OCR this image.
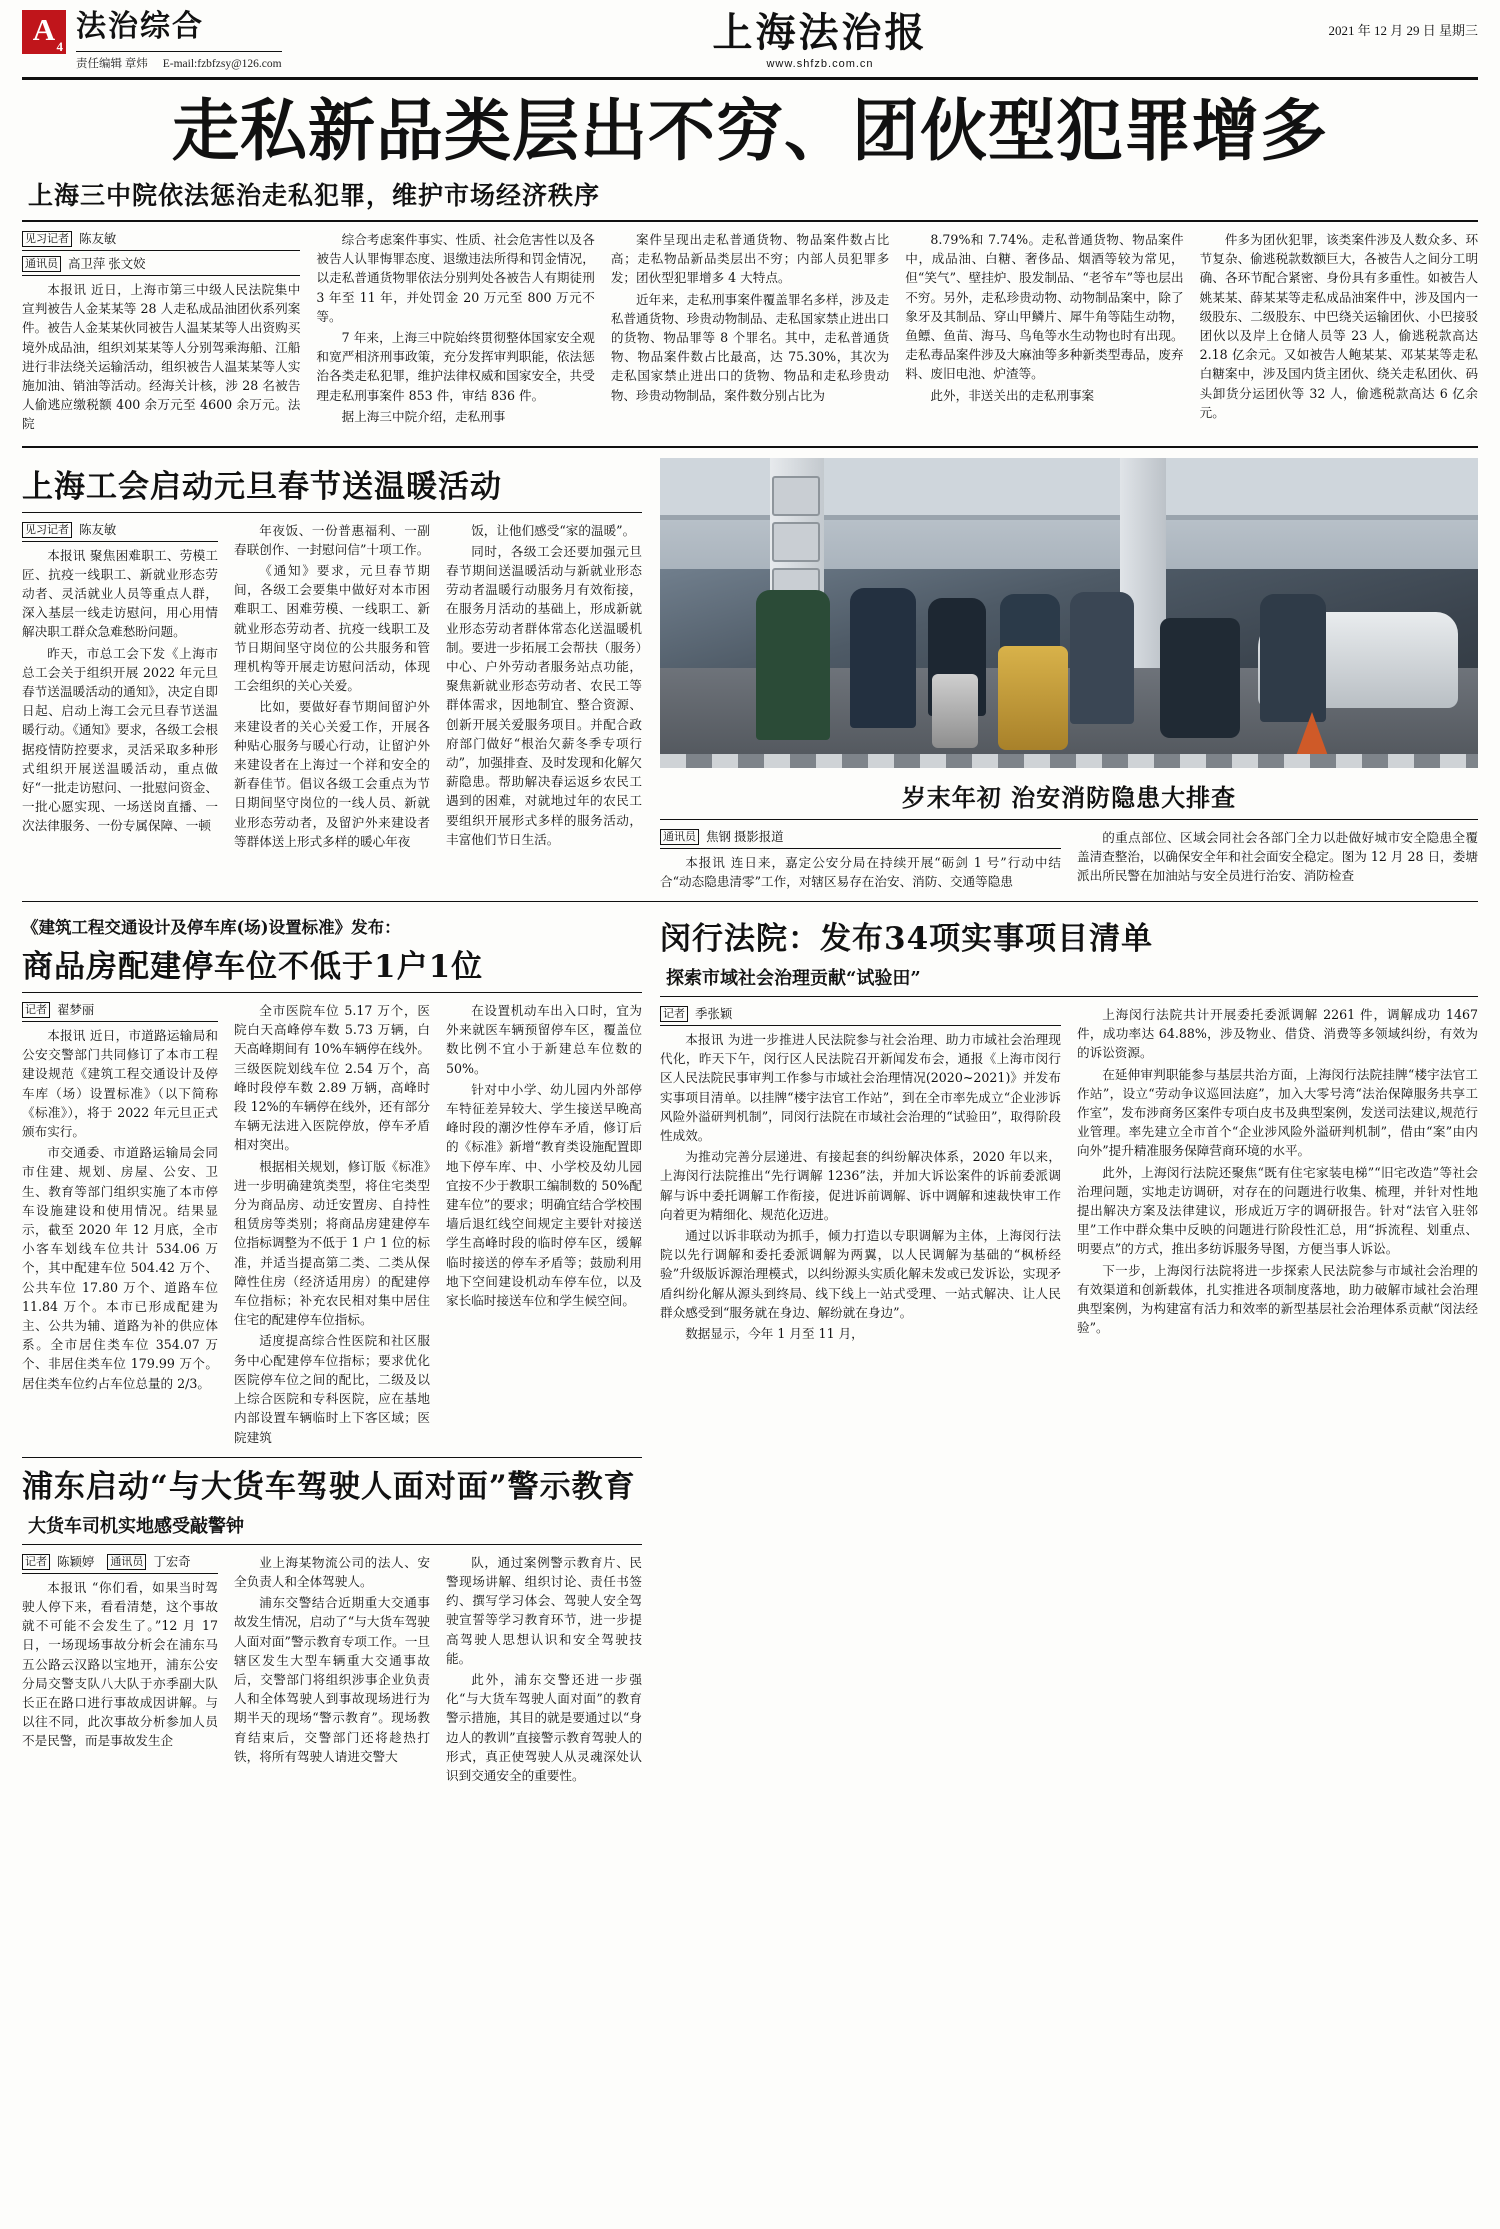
A 4
法治综合
责任编辑 章炜 E-mail:fzbfzsy@126.com
上海法治报
www.shfzb.com.cn
2021 年 12 月 29 日 星期三
走私新品类层出不穷、团伙型犯罪增多
上海三中院依法惩治走私犯罪，维护市场经济秩序
见习记者 陈友敏
通讯员 高卫萍 张文姣

本报讯 近日，上海市第三中级人民法院集中宣判被告人金某某等 28 人走私成品油团伙系列案件。被告人金某某伙同被告人温某某等人出资购买境外成品油，组织刘某某等人分别驾乘海船、江船进行非法绕关运输活动，组织被告人温某某等人实施加油、销油等活动。经海关计核，涉 28 名被告人偷逃应缴税额 400 余万元至 4600 余万元。法院

综合考虑案件事实、性质、社会危害性以及各被告人认罪悔罪态度、退缴违法所得和罚金情况，以走私普通货物罪依法分别判处各被告人有期徒刑 3 年至 11 年，并处罚金 20 万元至 800 万元不等。

7 年来，上海三中院始终贯彻整体国家安全观和宽严相济刑事政策，充分发挥审判职能，依法惩治各类走私犯罪，维护法律权威和国家安全，共受理走私刑事案件 853 件，审结 836 件。

据上海三中院介绍，走私刑事

案件呈现出走私普通货物、物品案件数占比高；走私物品新品类层出不穷；内部人员犯罪多发；团伙型犯罪增多 4 大特点。

近年来，走私刑事案件覆盖罪名多样，涉及走私普通货物、珍贵动物制品、走私国家禁止进出口的货物、物品罪等 8 个罪名。其中，走私普通货物、物品案件数占比最高，达 75.30%，其次为走私国家禁止进出口的货物、物品和走私珍贵动物、珍贵动物制品，案件数分别占比为

8.79%和 7.74%。走私普通货物、物品案件中，成品油、白糖、奢侈品、烟酒等较为常见，但“笑气”、壁挂炉、股发制品、“老爷车”等也层出不穷。另外，走私珍贵动物、动物制品案中，除了象牙及其制品、穿山甲鳞片、犀牛角等陆生动物，鱼鳔、鱼苗、海马、鸟龟等水生动物也时有出现。走私毒品案件涉及大麻油等多种新类型毒品，废弃料、废旧电池、炉渣等。

此外，非送关出的走私刑事案

件多为团伙犯罪，该类案件涉及人数众多、环节复杂、偷逃税款数额巨大，各被告人之间分工明确、各环节配合紧密、身份具有多重性。如被告人姚某某、薛某某等走私成品油案件中，涉及国内一级股东、二级股东、中巴绕关运输团伙、小巴接驳团伙以及岸上仓储人员等 23 人，偷逃税款高达 2.18 亿余元。又如被告人鲍某某、邓某某等走私白糖案中，涉及国内货主团伙、绕关走私团伙、码头卸货分运团伙等 32 人，偷逃税款高达 6 亿余元。

上海工会启动元旦春节送温暖活动
见习记者 陈友敏

本报讯 聚焦困难职工、劳模工匠、抗疫一线职工、新就业形态劳动者、灵活就业人员等重点人群，深入基层一线走访慰问，用心用情解决职工群众急难愁盼问题。

昨天，市总工会下发《上海市总工会关于组织开展 2022 年元旦春节送温暖活动的通知》，决定自即日起、启动上海工会元旦春节送温暖行动。《通知》要求，各级工会根据疫情防控要求，灵活采取多种形式组织开展送温暖活动，重点做好“一批走访慰问、一批慰问资金、一批心愿实现、一场送岗直播、一次法律服务、一份专属保障、一顿

年夜饭、一份普惠福利、一副春联创作、一封慰问信”十项工作。

《通知》要求，元旦春节期间，各级工会要集中做好对本市困难职工、困难劳模、一线职工、新就业形态劳动者、抗疫一线职工及节日期间坚守岗位的公共服务和管理机构等开展走访慰问活动，体现工会组织的关心关爱。

比如，要做好春节期间留沪外来建设者的关心关爱工作，开展各种贴心服务与暖心行动，让留沪外来建设者在上海过一个祥和安全的新春佳节。倡议各级工会重点为节日期间坚守岗位的一线人员、新就业形态劳动者，及留沪外来建设者等群体送上形式多样的暖心年夜

饭，让他们感受“家的温暖”。

同时，各级工会还要加强元旦春节期间送温暖活动与新就业形态劳动者温暖行动服务月有效衔接，在服务月活动的基础上，形成新就业形态劳动者群体常态化送温暖机制。要进一步拓展工会帮扶（服务）中心、户外劳动者服务站点功能，聚焦新就业形态劳动者、农民工等群体需求，因地制宜、整合资源、创新开展关爱服务项目。并配合政府部门做好“根治欠薪冬季专项行动”，加强排查、及时发现和化解欠薪隐患。帮助解决春运返乡农民工遇到的困难，对就地过年的农民工要组织开展形式多样的服务活动，丰富他们节日生活。

岁末年初 治安消防隐患大排查
通讯员 焦钢 摄影报道

本报讯 连日来，嘉定公安分局在持续开展“砺剑 1 号”行动中结合“动态隐患清零”工作，对辖区易存在治安、消防、交通等隐患

的重点部位、区域会同社会各部门全力以赴做好城市安全隐患全覆盖清查整治，以确保安全年和社会面安全稳定。图为 12 月 28 日，娄塘派出所民警在加油站与安全员进行治安、消防检查

《建筑工程交通设计及停车库(场)设置标准》发布：
商品房配建停车位不低于1户1位
记者 翟梦丽

本报讯 近日，市道路运输局和公安交警部门共同修订了本市工程建设规范《建筑工程交通设计及停车库（场）设置标准》（以下简称《标准》），将于 2022 年元旦正式颁布实行。

市交通委、市道路运输局会同市住建、规划、房屋、公安、卫生、教育等部门组织实施了本市停车设施建设和使用情况。结果显示，截至 2020 年 12 月底，全市小客车划线车位共计 534.06 万个，其中配建车位 504.42 万个、公共车位 17.80 万个、道路车位 11.84 万个。本市已形成配建为主、公共为辅、道路为补的供应体系。全市居住类车位 354.07 万个、非居住类车位 179.99 万个。居住类车位约占车位总量的 2/3。

全市医院车位 5.17 万个，医院白天高峰停车数 5.73 万辆，白天高峰期间有 10%车辆停在线外。三级医院划线车位 2.54 万个，高峰时段停车数 2.89 万辆，高峰时段 12%的车辆停在线外，还有部分车辆无法进入医院停放，停车矛盾相对突出。

根据相关规划，修订版《标准》进一步明确建筑类型，将住宅类型分为商品房、动迁安置房、自持性租赁房等类别；将商品房建建停车位指标调整为不低于 1 户 1 位的标准，并适当提高第二类、二类从保障性住房（经济适用房）的配建停车位指标；补充农民相对集中居住住宅的配建停车位指标。

适度提高综合性医院和社区服务中心配建停车位指标；要求优化医院停车位之间的配比，二级及以上综合医院和专科医院，应在基地内部设置车辆临时上下客区域；医院建筑

在设置机动车出入口时，宜为外来就医车辆预留停车区，覆盖位数比例不宜小于新建总车位数的 50%。

针对中小学、幼儿园内外部停车特征差异较大、学生接送早晚高峰时段的潮汐性停车矛盾，修订后的《标准》新增“教育类设施配置即地下停车库、中、小学校及幼儿园宜按不少于教职工编制数的 50%配建车位”的要求；明确宜结合学校围墙后退红线空间规定主要针对接送学生高峰时段的临时停车区，缓解临时接送的停车矛盾等；鼓励利用地下空间建设机动车停车位，以及家长临时接送车位和学生候空间。

浦东启动“与大货车驾驶人面对面”警示教育
大货车司机实地感受敲警钟
记者 陈颖婷 通讯员 丁宏奇

本报讯 “你们看，如果当时驾驶人停下来，看看清楚，这个事故就不可能不会发生了。”12 月 17 日，一场现场事故分析会在浦东马五公路云汉路以宝地开，浦东公安分局交警支队八大队于亦季副大队长正在路口进行事故成因讲解。与以往不同，此次事故分析参加人员不是民警，而是事故发生企

业上海某物流公司的法人、安全负责人和全体驾驶人。

浦东交警结合近期重大交通事故发生情况，启动了“与大货车驾驶人面对面”警示教育专项工作。一旦辖区发生大型车辆重大交通事故后，交警部门将组织涉事企业负责人和全体驾驶人到事故现场进行为期半天的现场“警示教育”。现场教育结束后，交警部门还将趁热打铁，将所有驾驶人请进交警大

队，通过案例警示教育片、民警现场讲解、组织讨论、责任书签约、撰写学习体会、驾驶人安全驾驶宣誓等学习教育环节，进一步提高驾驶人思想认识和安全驾驶技能。

此外，浦东交警还进一步强化“与大货车驾驶人面对面”的教育警示措施，其目的就是要通过以“身边人的教训”直接警示教育驾驶人的形式，真正使驾驶人从灵魂深处认识到交通安全的重要性。

闵行法院：发布34项实事项目清单
探索市域社会治理贡献“试验田”
记者 季张颖

本报讯 为进一步推进人民法院参与社会治理、助力市域社会治理现代化，昨天下午，闵行区人民法院召开新闻发布会，通报《上海市闵行区人民法院民事审判工作参与市域社会治理情况(2020~2021)》并发布实事项目清单。以挂牌“楼宇法官工作站”，到在全市率先成立“企业涉诉风险外溢研判机制”，同闵行法院在市域社会治理的“试验田”，取得阶段性成效。

为推动完善分层递进、有接起套的纠纷解决体系，2020 年以来，上海闵行法院推出“先行调解 1236”法，并加大诉讼案件的诉前委派调解与诉中委托调解工作衔接，促进诉前调解、诉中调解和速裁快审工作向着更为精细化、规范化迈进。

通过以诉非联动为抓手，倾力打造以专职调解为主体，上海闵行法院以先行调解和委托委派调解为两翼，以人民调解为基础的“枫桥经验”升级版诉源治理模式，以纠纷源头实质化解未发或已发诉讼，实现矛盾纠纷化解从源头到终局、线下线上一站式受理、一站式解决、让人民群众感受到“服务就在身边、解纷就在身边”。

数据显示，今年 1 月至 11 月，

上海闵行法院共计开展委托委派调解 2261 件，调解成功 1467 件，成功率达 64.88%，涉及物业、借贷、消费等多领域纠纷，有效为的诉讼资源。

在延伸审判职能参与基层共治方面，上海闵行法院挂牌“楼宇法官工作站”，设立“劳动争议巡回法庭”，加入大零号湾“法治保障服务共享工作室”，发布涉商务区案件专项白皮书及典型案例，发送司法建议,规范行业管理。率先建立全市首个“企业涉风险外溢研判机制”，借由“案”由内向外”提升精准服务保障营商环境的水平。

此外，上海闵行法院还聚焦“既有住宅家装电梯”“旧宅改造”等社会治理问题，实地走访调研，对存在的问题进行收集、梳理，并针对性地提出解决方案及法律建议，形成近万字的调研报告。针对“法官入驻邻里”工作中群众集中反映的问题进行阶段性汇总，用“拆流程、划重点、明要点”的方式，推出多纺诉服务导图，方便当事人诉讼。

下一步，上海闵行法院将进一步探索人民法院参与市域社会治理的有效渠道和创新载体，扎实推进各项制度落地，助力破解市域社会治理典型案例，为构建富有活力和效率的新型基层社会治理体系贡献“闵法经验”。
